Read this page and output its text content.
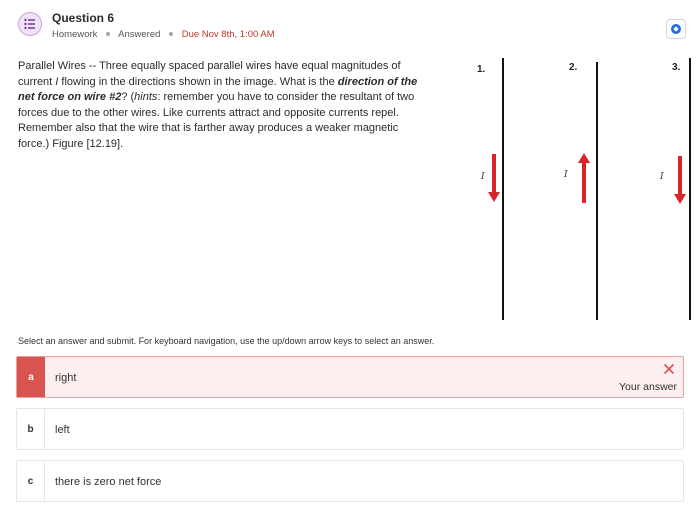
Question 6
Homework Answered Due Nov 8th, 1:00 AM
Parallel Wires -- Three equally spaced parallel wires have equal magnitudes of current I flowing in the directions shown in the image. What is the direction of the net force on wire #2? (hints: remember you have to consider the resultant of two forces due to the other wires. Like currents attract and opposite currents repel. Remember also that the wire that is farther away produces a weaker magnetic force.) Figure [12.19].
1.
I
2.
I
3.
I
Select an answer and submit. For keyboard navigation, use the up/down arrow keys to select an answer.
a	right
Your answer
b	left
c	there is zero net force
